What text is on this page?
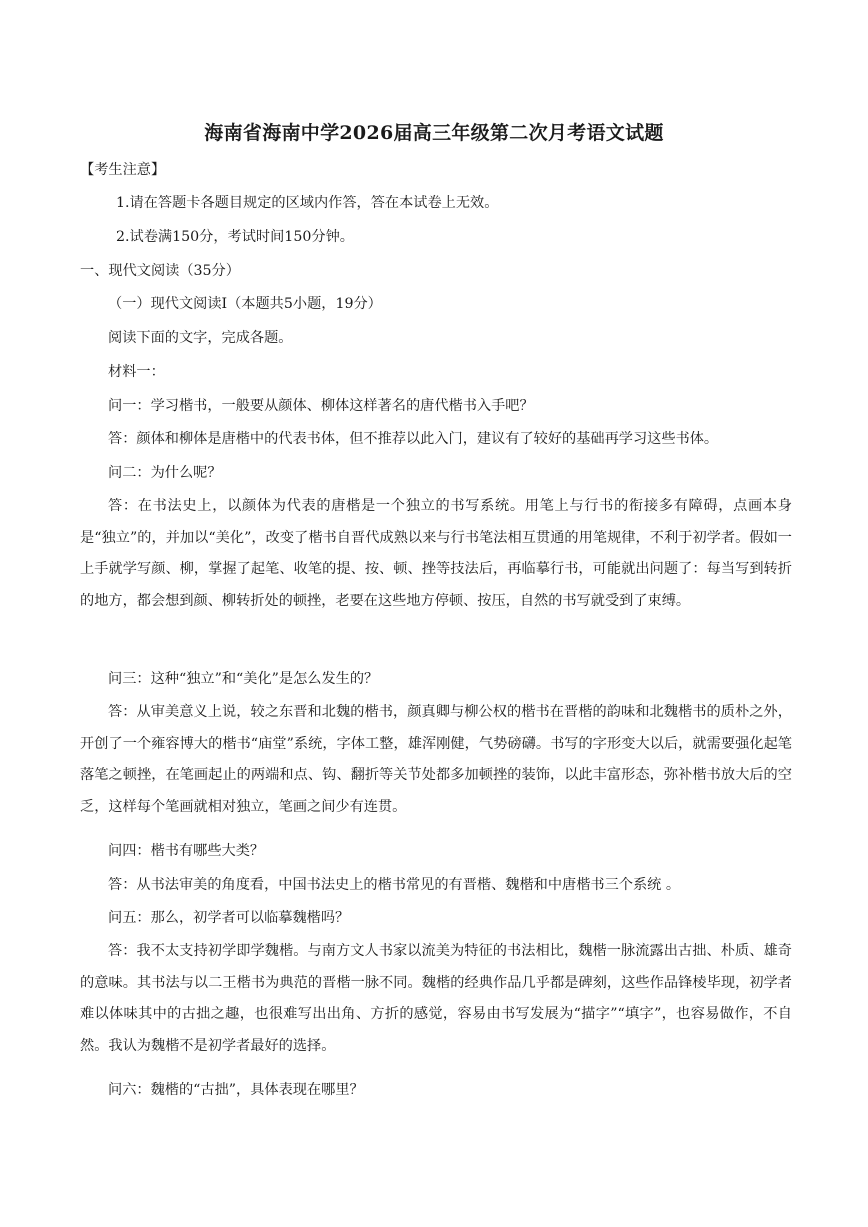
海南省海南中学2026届高三年级第二次月考语文试题
【考生注意】
1.请在答题卡各题目规定的区域内作答，答在本试卷上无效。
2.试卷满150分，考试时间150分钟。
一、现代文阅读（35分）
（一）现代文阅读Ⅰ（本题共5小题，19分）
阅读下面的文字，完成各题。
材料一：
问一：学习楷书，一般要从颜体、柳体这样著名的唐代楷书入手吧？
答：颜体和柳体是唐楷中的代表书体，但不推荐以此入门，建议有了较好的基础再学习这些书体。
问二：为什么呢？
答：在书法史上，以颜体为代表的唐楷是一个独立的书写系统。用笔上与行书的衔接多有障碍，点画本身是“独立”的，并加以“美化”，改变了楷书自晋代成熟以来与行书笔法相互贯通的用笔规律，不利于初学者。假如一上手就学写颜、柳，掌握了起笔、收笔的提、按、顿、挫等技法后，再临摹行书，可能就出问题了：每当写到转折的地方，都会想到颜、柳转折处的顿挫，老要在这些地方停顿、按压，自然的书写就受到了束缚。
问三：这种“独立”和“美化”是怎么发生的？
答：从审美意义上说，较之东晋和北魏的楷书，颜真卿与柳公权的楷书在晋楷的韵味和北魏楷书的质朴之外，开创了一个雍容博大的楷书“庙堂”系统，字体工整，雄浑刚健，气势磅礴。书写的字形变大以后，就需要强化起笔落笔之顿挫，在笔画起止的两端和点、钩、翻折等关节处都多加顿挫的装饰，以此丰富形态，弥补楷书放大后的空乏，这样每个笔画就相对独立，笔画之间少有连贯。
问四：楷书有哪些大类？
答：从书法审美的角度看，中国书法史上的楷书常见的有晋楷、魏楷和中唐楷书三个系统 。
问五：那么，初学者可以临摹魏楷吗？
答：我不太支持初学即学魏楷。与南方文人书家以流美为特征的书法相比，魏楷一脉流露出古拙、朴质、雄奇的意味。其书法与以二王楷书为典范的晋楷一脉不同。魏楷的经典作品几乎都是碑刻，这些作品锋棱毕现，初学者难以体味其中的古拙之趣，也很难写出出角、方折的感觉，容易由书写发展为“描字”“填字”，也容易做作，不自然。我认为魏楷不是初学者最好的选择。
问六：魏楷的“古拙”，具体表现在哪里？
